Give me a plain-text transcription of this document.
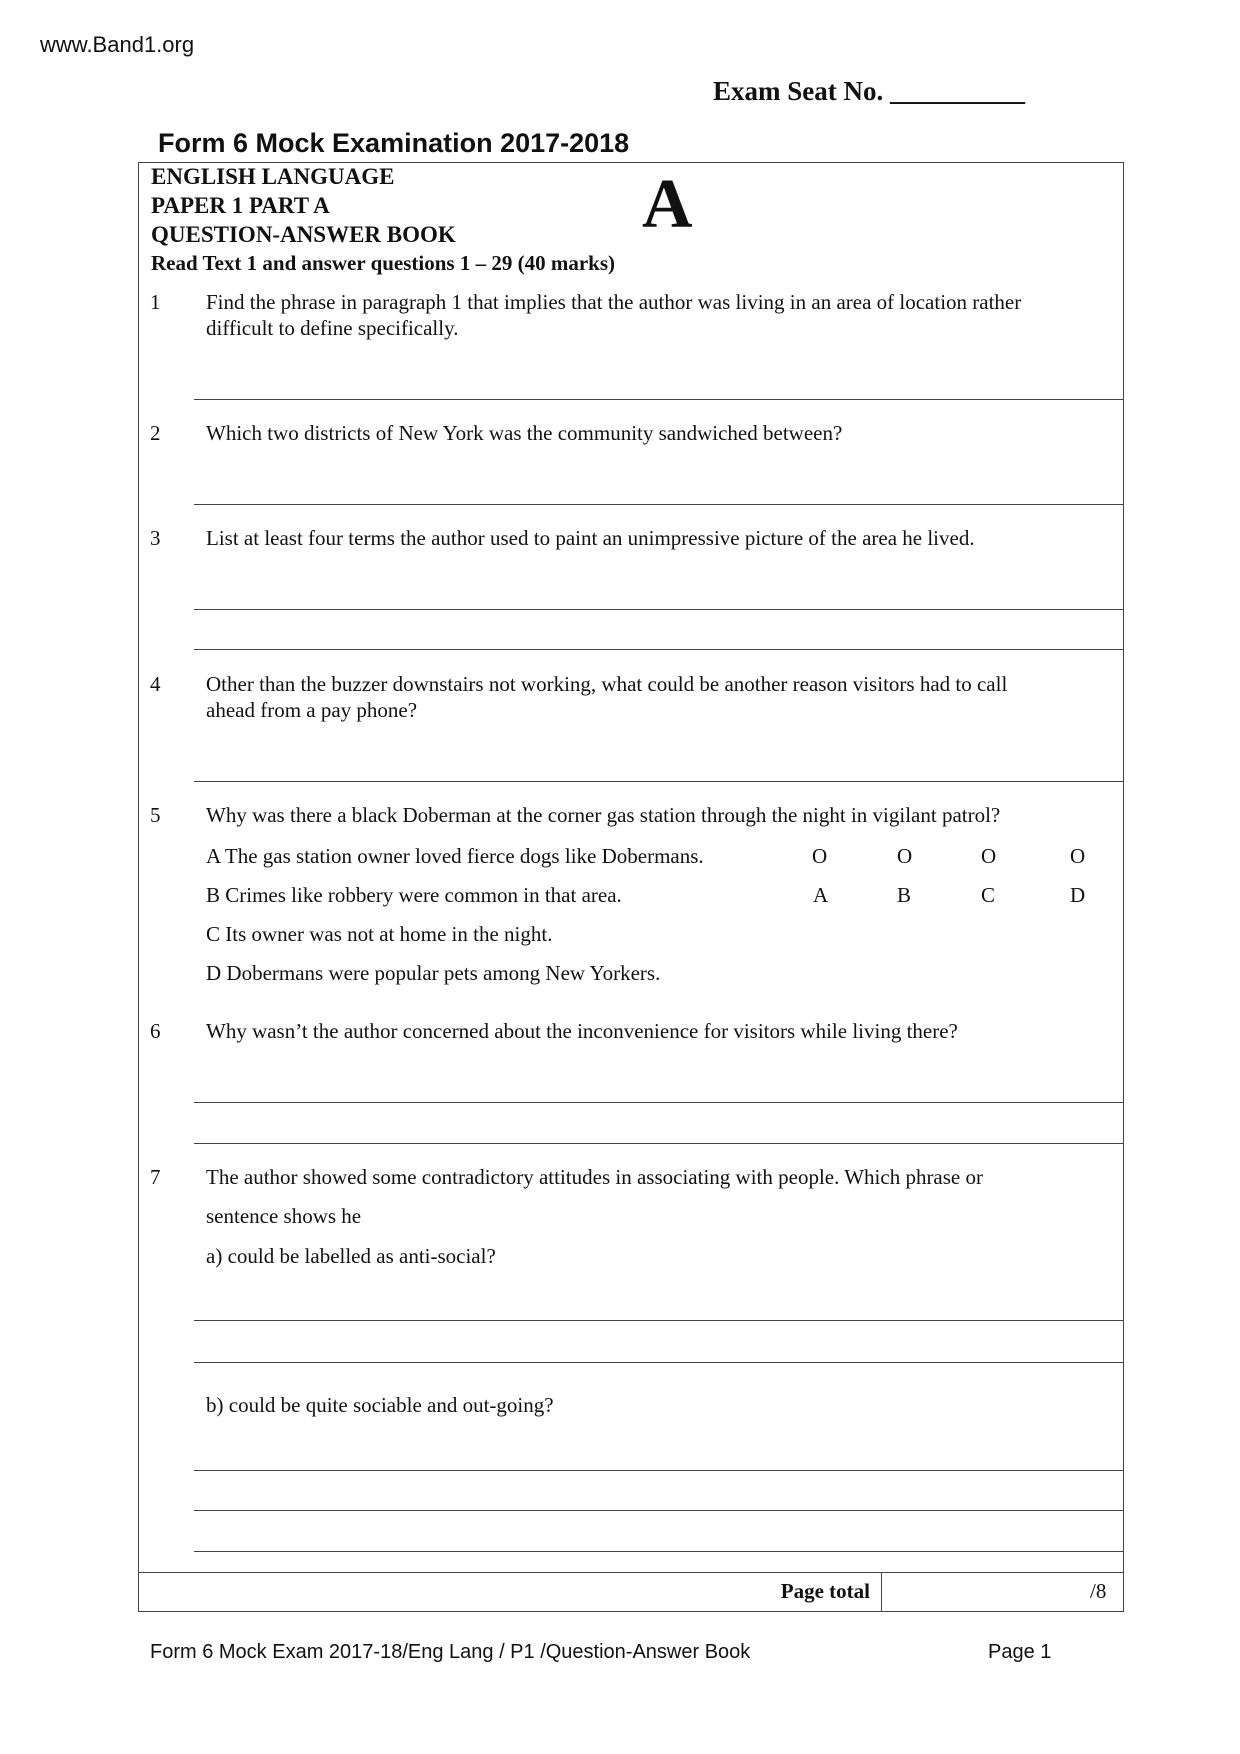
www.Band1.org
Exam Seat No. __________
Form 6 Mock Examination 2017-2018
ENGLISH LANGUAGE
PAPER 1 PART A
QUESTION-ANSWER BOOK	A
Read Text 1 and answer questions 1 – 29 (40 marks)
1 Find the phrase in paragraph 1 that implies that the author was living in an area of location rather
difficult to define specifically.
2 Which two districts of New York was the community sandwiched between?
3 List at least four terms the author used to paint an unimpressive picture of the area he lived.
4 Other than the buzzer downstairs not working, what could be another reason visitors had to call
ahead from a pay phone?
5 Why was there a black Doberman at the corner gas station through the night in vigilant patrol?
A The gas station owner loved fierce dogs like Dobermans.
B Crimes like robbery were common in that area.
C Its owner was not at home in the night.
D Dobermans were popular pets among New Yorkers.
O	O	O	O
A	B	C	D
6 Why wasn’t the author concerned about the inconvenience for visitors while living there?
7 The author showed some contradictory attitudes in associating with people. Which phrase or
sentence shows he
a) could be labelled as anti-social?
b) could be quite sociable and out-going?
Page total	/8
Form 6 Mock Exam 2017-18/Eng Lang / P1 /Question-Answer Book	Page 1
